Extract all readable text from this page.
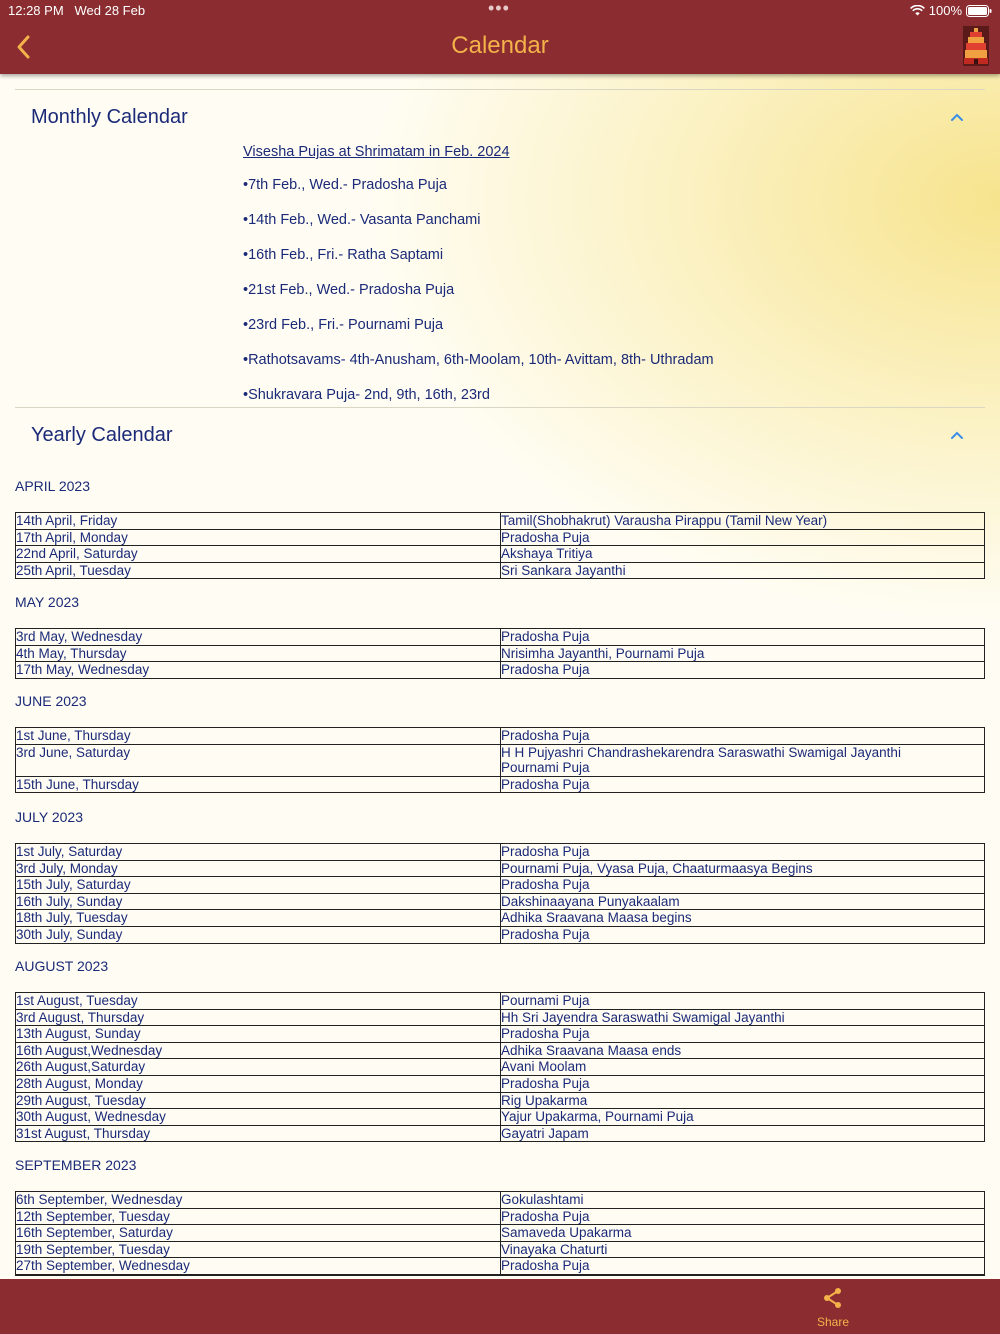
12:28 PM Wed 28 Feb	•••	100%
Calendar
Monthly Calendar
Visesha Pujas at Shrimatam in Feb. 2024
•7th Feb., Wed.- Pradosha Puja
•14th Feb., Wed.- Vasanta Panchami
•16th Feb., Fri.- Ratha Saptami
•21st Feb., Wed.- Pradosha Puja
•23rd Feb., Fri.- Pournami Puja
•Rathotsavams- 4th-Anusham, 6th-Moolam, 10th- Avittam, 8th- Uthradam
•Shukravara Puja- 2nd, 9th, 16th, 23rd
Yearly Calendar
APRIL 2023
14th April, Friday	Tamil(Shobhakrut) Varausha Pirappu (Tamil New Year)
17th April, Monday	Pradosha Puja
22nd April, Saturday	Akshaya Tritiya
25th April, Tuesday	Sri Sankara Jayanthi
MAY 2023
3rd May, Wednesday	Pradosha Puja
4th May, Thursday	Nrisimha Jayanthi, Pournami Puja
17th May, Wednesday	Pradosha Puja
JUNE 2023
1st June, Thursday	Pradosha Puja
3rd June, Saturday	H H Pujyashri Chandrashekarendra Saraswathi Swamigal Jayanthi
Pournami Puja
15th June, Thursday	Pradosha Puja
JULY 2023
1st July, Saturday	Pradosha Puja
3rd July, Monday	Pournami Puja, Vyasa Puja, Chaaturmaasya Begins
15th July, Saturday	Pradosha Puja
16th July, Sunday	Dakshinaayana Punyakaalam
18th July, Tuesday	Adhika Sraavana Maasa begins
30th July, Sunday	Pradosha Puja
AUGUST 2023
1st August, Tuesday	Pournami Puja
3rd August, Thursday	Hh Sri Jayendra Saraswathi Swamigal Jayanthi
13th August, Sunday	Pradosha Puja
16th August,Wednesday	Adhika Sraavana Maasa ends
26th August,Saturday	Avani Moolam
28th August, Monday	Pradosha Puja
29th August, Tuesday	Rig Upakarma
30th August, Wednesday	Yajur Upakarma, Pournami Puja
31st August, Thursday	Gayatri Japam
SEPTEMBER 2023
6th September, Wednesday	Gokulashtami
12th September, Tuesday	Pradosha Puja
16th September, Saturday	Samaveda Upakarma
19th September, Tuesday	Vinayaka Chaturti
27th September, Wednesday	Pradosha Puja

Share
